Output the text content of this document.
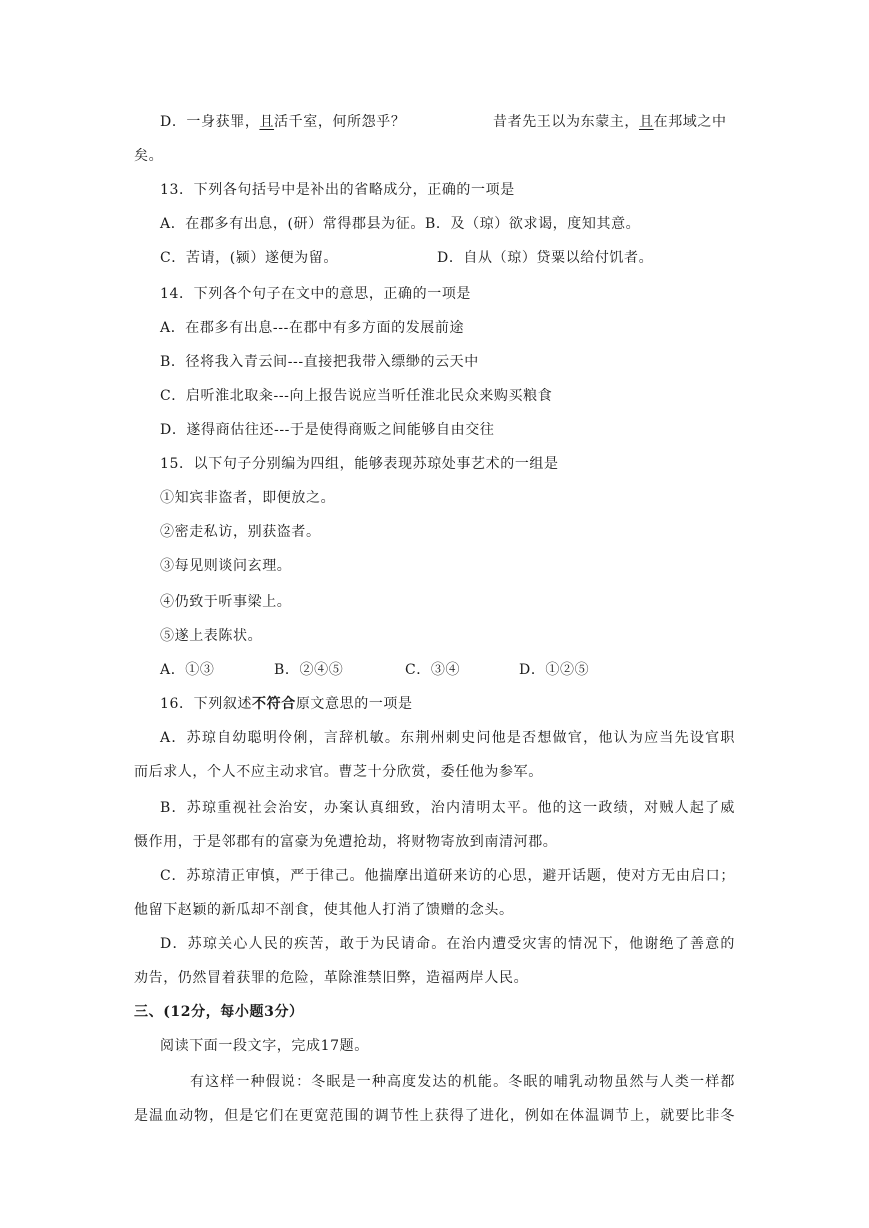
D．一身获罪，且活千室，何所怨乎？	昔者先王以为东蒙主，且在邦域之中
矣。
13．下列各句括号中是补出的省略成分，正确的一项是
A．在郡多有出息，(研）常得郡县为征。B．及（琼）欲求谒，度知其意。
C．苦请，(颍）遂便为留。	D．自从（琼）贷粟以给付饥者。
14．下列各个句子在文中的意思，正确的一项是
A．在郡多有出息---在郡中有多方面的发展前途
B．径将我入青云间---直接把我带入缥缈的云天中
C．启听淮北取籴---向上报告说应当听任淮北民众来购买粮食
D．遂得商估往还---于是使得商贩之间能够自由交往
15．以下句子分别编为四组，能够表现苏琼处事艺术的一组是
①知宾非盗者，即便放之。
②密走私访，别获盗者。
③每见则谈问玄理。
④仍致于听事梁上。
⑤遂上表陈状。
A．①③	B．②④⑤	C．③④	D．①②⑤
16．下列叙述不符合原文意思的一项是
A．苏琼自幼聪明伶俐，言辞机敏。东荆州刺史问他是否想做官，他认为应当先设官职
而后求人，个人不应主动求官。曹芝十分欣赏，委任他为参军。
B．苏琼重视社会治安，办案认真细致，治内清明太平。他的这一政绩，对贼人起了威
慑作用，于是邻郡有的富豪为免遭抢劫，将财物寄放到南清河郡。
C．苏琼清正审慎，严于律己。他揣摩出道研来访的心思，避开话题，使对方无由启口；
他留下赵颖的新瓜却不剖食，使其他人打消了馈赠的念头。
D．苏琼关心人民的疾苦，敢于为民请命。在治内遭受灾害的情况下，他谢绝了善意的
劝告，仍然冒着获罪的危险，革除淮禁旧弊，造福两岸人民。
三、(12分，每小题3分）
阅读下面一段文字，完成17题。
有这样一种假说：冬眠是一种高度发达的机能。冬眠的哺乳动物虽然与人类一样都
是温血动物，但是它们在更宽范围的调节性上获得了进化，例如在体温调节上，就要比非冬
